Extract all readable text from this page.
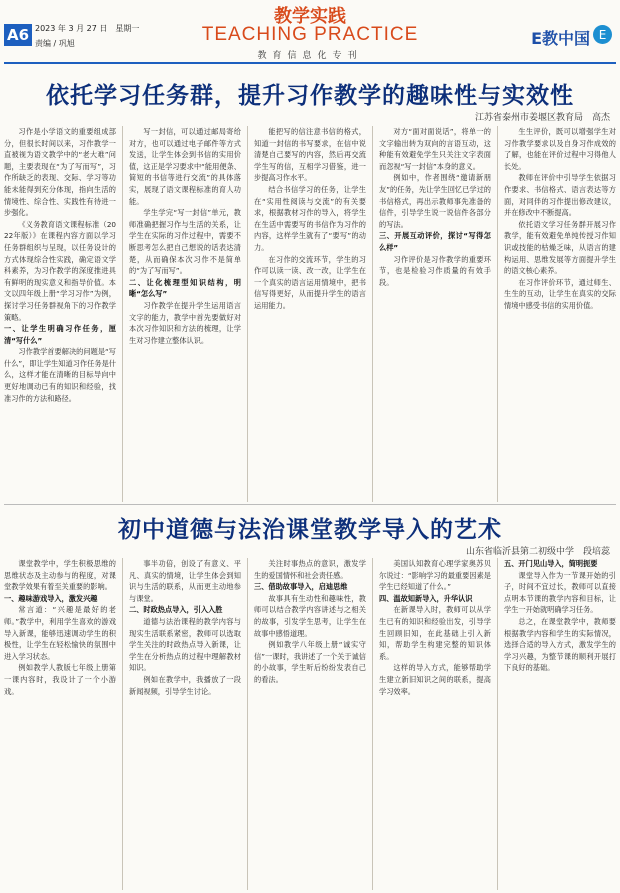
A6 2023 年 3 月 27 日　星期一
责编 / 巩旭
教学实践
TEACHING PRACTICE
教育信息化专刊
E教中国 E
依托学习任务群，提升习作教学的趣味性与实效性
江苏省泰州市姜堰区教育局　高杰

习作是小学语文的重要组成部分，但很长时间以来，习作教学一直被视为语文教学中的“老大难”问题，主要表现在“为了写而写”，习作所缺乏的表现、交际、学习等功能未能得到充分体现，指向生活的情境性、综合性、实践性有待进一步强化。

《义务教育语文课程标准（2022年版）》在课程内容方面以学习任务群组织与呈现，以任务设计的方式体现综合性实践，确定语文学科素养，为习作教学的深度推进具有鲜明的现实意义和指导价值。本文以四年级上册“学习习作”为例，探讨学习任务群视角下的习作教学策略。

一、让学生明确习作任务，厘清“写什么”

习作教学首要解决的问题是“写什么”，即让学生知道习作任务是什么，这样才能在清晰的目标导向中更好地调动已有的知识和经验，找准习作的方法和路径。

写一封信，可以通过邮局寄给对方，也可以通过电子邮件等方式发送，让学生体会到书信的实用价值，这正是学习要求中“能用便条、简短的书信等进行交流”的具体落实，展现了语文课程标准的育人功能。

学生学完“写一封信”单元，教师准确把握习作与生活的关系，让学生在实际的习作过程中，需要不断思考怎么把自己想说的话表达清楚，从而确保本次习作不是简单的“为了写而写”。

二、让化梳理型知识结构，明晰“怎么写”

习作教学在提升学生运用语言文字的能力，教学中首先要做好对本次习作知识和方法的梳理，让学生对习作建立整体认识。

能把写的信注意书信的格式，知道一封信的书写要求，在信中说清楚自己要写的内容，然后再交流学生写的信，互相学习借鉴，进一步提高习作水平。

结合书信学习的任务，让学生在“实用性阅读与交流”的有关要求，根据教材习作的导入，将学生在生活中需要写的书信作为习作的内容，这样学生就有了“要写”的动力。

在习作的交流环节，学生的习作可以读一读、改一改，让学生在一个真实的语言运用情境中，把书信写得更好，从而提升学生的语言运用能力。

对方“面对面说话”，将单一的文字输出转为双向的言语互动，这种能有效避免学生只关注文字表面而忽视“写一封信”本身的意义。

例如中，作者围绕“邀请新朋友”的任务，先让学生回忆已学过的书信格式，再出示教师事先准备的信件，引导学生说一说信件各部分的写法。

三、开展互动评价，探讨“写得怎么样”

习作评价是习作教学的重要环节，也是检验习作质量的有效手段。

生生评价，既可以增强学生对习作教学要求以及自身习作成效的了解，也能在评价过程中习得他人长处。

教师在评价中引导学生依据习作要求、书信格式、语言表达等方面，对同伴的习作提出修改建议，并在修改中不断提高。

依托语文学习任务群开展习作教学，能有效避免单纯传授习作知识或技能的枯燥乏味，从语言的建构运用、思维发展等方面提升学生的语文核心素养。

在习作评价环节，通过师生、生生的互动，让学生在真实的交际情境中感受书信的实用价值。

初中道德与法治课堂教学导入的艺术
山东省临沂县第二初级中学　段培蕊

课堂教学中，学生积极思维的思维状态及主动参与的程度，对课堂教学效果有着至关重要的影响。

一、趣味游戏导入，激发兴趣

常言道：“兴趣是最好的老师。”教学中，利用学生喜欢的游戏导入新课，能够迅速调动学生的积极性，让学生在轻松愉快的氛围中进入学习状态。

例如教学人教版七年级上册第一课内容时，我设计了一个小游戏。

事半功倍，创设了有意义、平凡、真实的情境，让学生体会到知识与生活的联系，从而更主动地参与课堂。

二、时政热点导入，引入入胜

道德与法治课程的教学内容与现实生活联系紧密，教师可以选取学生关注的时政热点导入新课，让学生在分析热点的过程中理解教材知识。

例如在教学中，我播放了一段新闻视频，引导学生讨论。

关注时事热点的意识，激发学生的爱国情怀和社会责任感。

三、借助故事导入，启迪思维

故事具有生动性和趣味性，教师可以结合教学内容讲述与之相关的故事，引发学生思考，让学生在故事中感悟道理。

例如教学八年级上册“诚实守信”一课时，我讲述了一个关于诚信的小故事，学生听后纷纷发表自己的看法。

美国认知教育心理学家奥苏贝尔说过：“影响学习的最重要因素是学生已经知道了什么。”

四、温故知新导入，升华认识

在新课导入时，教师可以从学生已有的知识和经验出发，引导学生回顾旧知，在此基础上引入新知，帮助学生构建完整的知识体系。

这样的导入方式，能够帮助学生建立新旧知识之间的联系，提高学习效率。

五、开门见山导入，简明扼要

课堂导入作为一节课开始的引子，时间不宜过长，教师可以直接点明本节课的教学内容和目标，让学生一开始就明确学习任务。

总之，在课堂教学中，教师要根据教学内容和学生的实际情况，选择合适的导入方式，激发学生的学习兴趣，为整节课的顺利开展打下良好的基础。
